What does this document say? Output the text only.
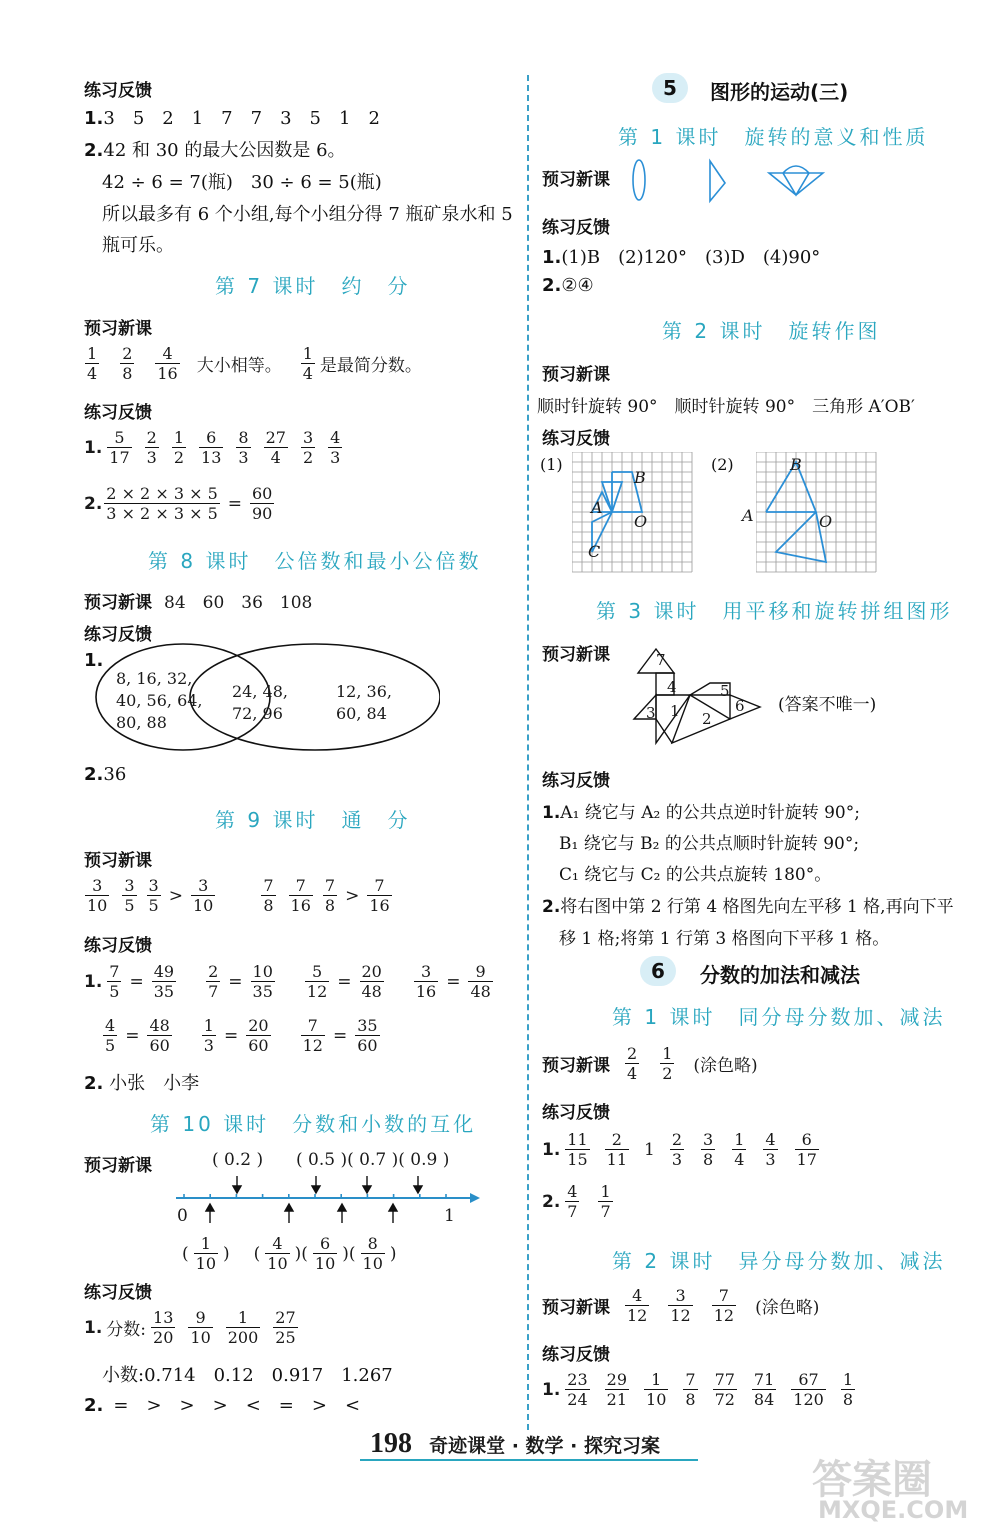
练习反馈
1.3　5　2　1　7　7　3　5　1　2
2.42 和 30 的最大公因数是 6。
42 ÷ 6 = 7(瓶)　30 ÷ 6 = 5(瓶)
所以最多有 6 个小组,每个小组分得 7 瓶矿泉水和 5
瓶可乐。
第 7 课时　约　分
预习新课
$\frac{1}{4} \frac{2}{8} \frac{4}{16}$ 大小相等。
1
4 是最简分数。
练习反馈
1. $\frac{5}{17} \frac{2}{3} \frac{1}{2} \frac{6}{13} \frac{8}{3} \frac{27}{4} \frac{3}{2} \frac{4}{3}$
2. $\frac{2 \times 2 \times 3 \times 5}{3 \times 2 \times 3 \times 5} = \frac{60}{90}$
第 8 课时　公倍数和最小公倍数
预习新课 84　60　36　108
练习反馈
1.
8, 16, 32,
40, 56, 64,
80, 88
24, 48,
72, 96
12, 36,
60, 84
2.36
第 9 课时　通　分
预习新课
$\frac{3}{10} \frac{3}{5} 3$
5 > 3
10	$\frac{7}{8} \frac{7}{16} 7$
8 > 7
16
练习反馈
1. $\frac{7}{5} = \frac{49}{35} \frac{2}{7} = \frac{10}{35} \frac{5}{12} = \frac{20}{48} \frac{3}{16} = \frac{9}{48}$
$\frac{4}{5} = \frac{48}{60} \frac{1}{3} = \frac{20}{60} \frac{7}{12} = \frac{35}{60}$
2. 小张　小李
第 10 课时　分数和小数的互化
预习新课	( 0.2 ) ( 0.5 )( 0.7 )( 0.9 )
0	1
( 1
10 ) ( 4
10 )( 6
10 )( 8
10 )
练习反馈
1. 分数: $\frac{13}{20} \frac{9}{10} \frac{1}{200} \frac{27}{25}$
小数:0.714　0.12　0.917　1.267
2. =　>　>　>　<　=　>　<
5	图形的运动(三)
第 1 课时　旋转的意义和性质
预习新课
练习反馈
1.(1)B　(2)120°　(3)D　(4)90°
2.②④
第 2 课时　旋转作图
预习新课
顺时针旋转 90°　顺时针旋转 90°　三角形 A′OB′
练习反馈
(1)
B
A
O
C
(2)	B
A	O
第 3 课时　用平移和旋转拼组图形
预习新课	7
4	5
6
3 1 2
(答案不唯一)
练习反馈
1.A₁ 绕它与 A₂ 的公共点逆时针旋转 90°;
B₁ 绕它与 B₂ 的公共点顺时针旋转 90°;
C₁ 绕它与 C₂ 的公共点旋转 180°。
2.将右图中第 2 行第 4 格图先向左平移 1 格,再向下平
移 1 格;将第 1 行第 3 格图向下平移 1 格。
6	分数的加法和减法
第 1 课时　同分母分数加、减法
预习新课 $\frac{2}{4} \frac{1}{2}$ (涂色略)
练习反馈
1. $\frac{11}{15} \frac{2}{11} 1 \frac{2}{3} \frac{3}{8} \frac{1}{4} \frac{4}{3} \frac{6}{17}$
2. $\frac{4}{7} \frac{1}{7}$
第 2 课时　异分母分数加、减法
预习新课 $\frac{4}{12} \frac{3}{12} \frac{7}{12}$ (涂色略)
练习反馈
1. $\frac{23}{24} \frac{29}{21} \frac{1}{10} \frac{7}{8} \frac{77}{72} \frac{71}{84} \frac{67}{120} \frac{1}{8}$
198 奇迹课堂 · 数学 · 探究习案
答案圈
MXQE.COM
